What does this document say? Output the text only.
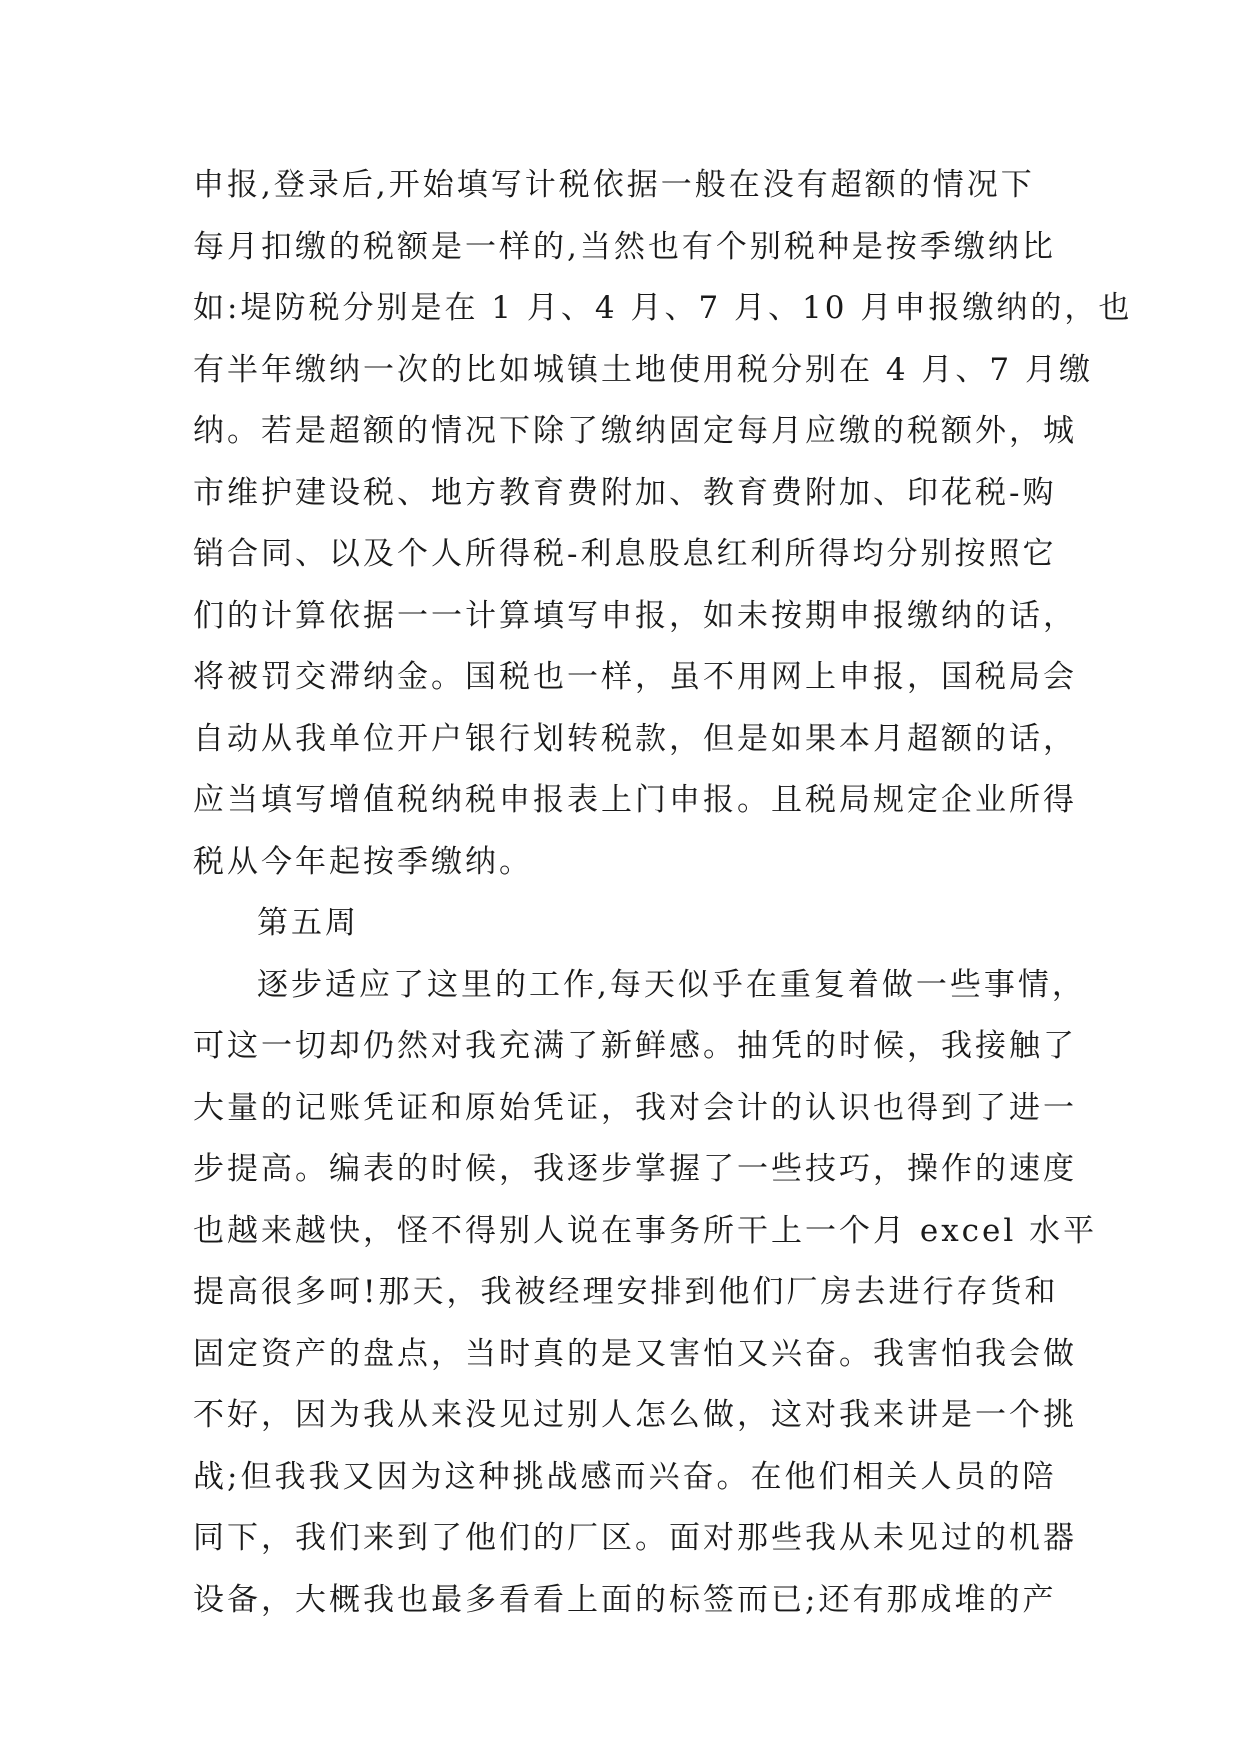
申报,登录后,开始填写计税依据一般在没有超额的情况下
每月扣缴的税额是一样的,当然也有个别税种是按季缴纳比
如:堤防税分别是在 1 月、4 月、7 月、10 月申报缴纳的，也
有半年缴纳一次的比如城镇土地使用税分别在 4 月、7 月缴
纳。若是超额的情况下除了缴纳固定每月应缴的税额外，城
市维护建设税、地方教育费附加、教育费附加、印花税-购
销合同、以及个人所得税-利息股息红利所得均分别按照它
们的计算依据一一计算填写申报，如未按期申报缴纳的话，
将被罚交滞纳金。国税也一样，虽不用网上申报，国税局会
自动从我单位开户银行划转税款，但是如果本月超额的话，
应当填写增值税纳税申报表上门申报。且税局规定企业所得
税从今年起按季缴纳。
第五周
逐步适应了这里的工作,每天似乎在重复着做一些事情，
可这一切却仍然对我充满了新鲜感。抽凭的时候，我接触了
大量的记账凭证和原始凭证，我对会计的认识也得到了进一
步提高。编表的时候，我逐步掌握了一些技巧，操作的速度
也越来越快，怪不得别人说在事务所干上一个月 excel 水平
提高很多呵!那天，我被经理安排到他们厂房去进行存货和
固定资产的盘点，当时真的是又害怕又兴奋。我害怕我会做
不好，因为我从来没见过别人怎么做，这对我来讲是一个挑
战;但我我又因为这种挑战感而兴奋。在他们相关人员的陪
同下，我们来到了他们的厂区。面对那些我从未见过的机器
设备，大概我也最多看看上面的标签而已;还有那成堆的产
